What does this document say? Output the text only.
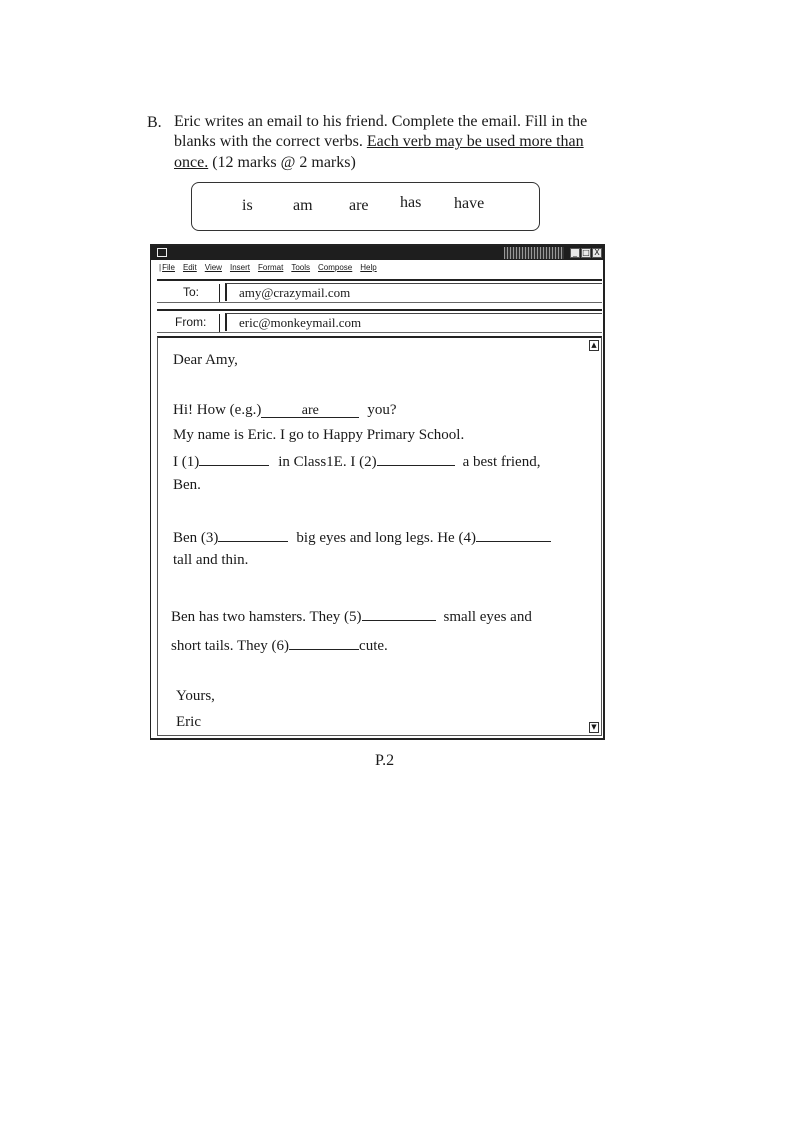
B. Eric writes an email to his friend. Complete the email. Fill in the
blanks with the correct verbs. Each verb may be used more than
once. (12 marks @ 2 marks)
is	am are has have
_ □ X
|File Edit View Insert Format Tools Compose Help
To:	amy@crazymail.com
From:	eric@monkeymail.com
▲
▼
Dear Amy,
Hi! How (e.g.)	are	you?
My name is Eric. I go to Happy Primary School.
I (1)	in Class1E. I (2)	a best friend,
Ben.
Ben (3)	big eyes and long legs. He (4)
tall and thin.
Ben has two hamsters. They (5)	small eyes and
short tails. They (6)	cute.
Yours,
Eric
P.2
